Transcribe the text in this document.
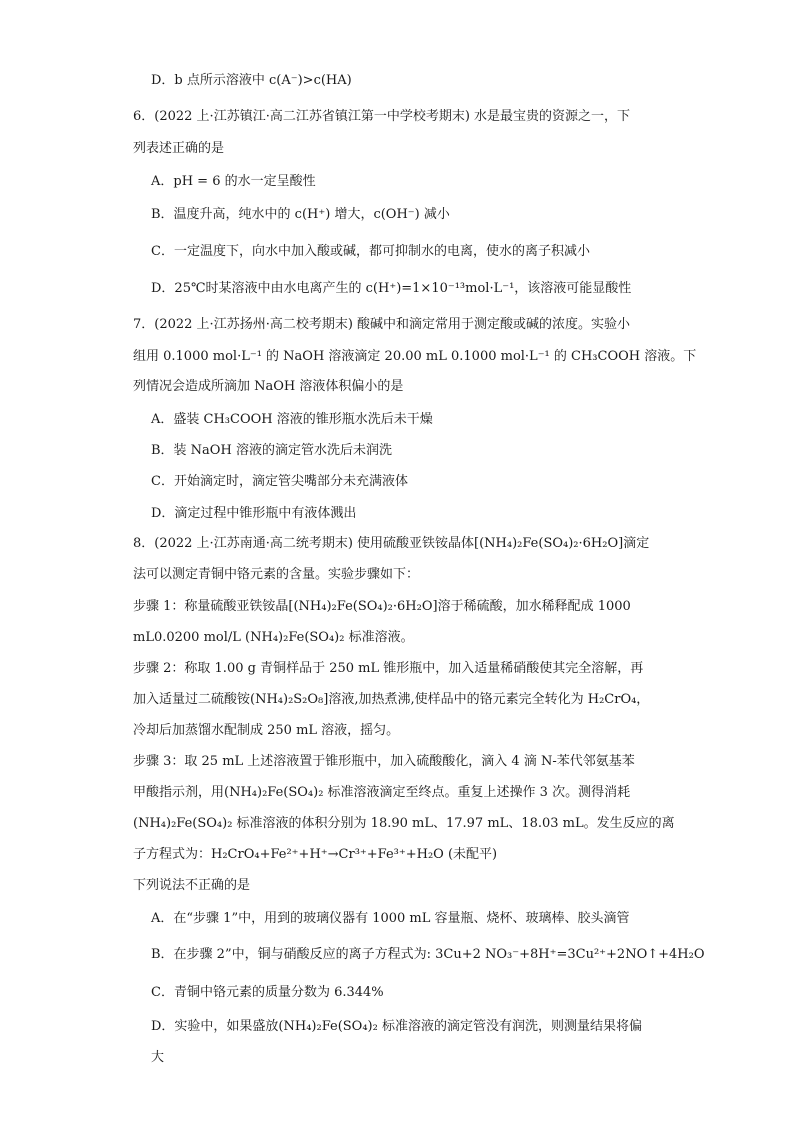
D．b 点所示溶液中 c(A⁻)>c(HA)
6．(2022 上·江苏镇江·高二江苏省镇江第一中学校考期末) 水是最宝贵的资源之一，下
列表述正确的是
A．pH = 6 的水一定呈酸性
B．温度升高，纯水中的 c(H⁺) 增大，c(OH⁻) 减小
C．一定温度下，向水中加入酸或碱，都可抑制水的电离，使水的离子积减小
D．25℃时某溶液中由水电离产生的 c(H⁺)=1×10⁻¹³mol·L⁻¹，该溶液可能显酸性
7．(2022 上·江苏扬州·高二校考期末) 酸碱中和滴定常用于测定酸或碱的浓度。实验小
组用 0.1000 mol·L⁻¹ 的 NaOH 溶液滴定 20.00 mL 0.1000 mol·L⁻¹ 的 CH₃COOH 溶液。下
列情况会造成所滴加 NaOH 溶液体积偏小的是
A．盛装 CH₃COOH 溶液的锥形瓶水洗后未干燥
B．装 NaOH 溶液的滴定管水洗后未润洗
C．开始滴定时，滴定管尖嘴部分未充满液体
D．滴定过程中锥形瓶中有液体溅出
8．(2022 上·江苏南通·高二统考期末) 使用硫酸亚铁铵晶体[(NH₄)₂Fe(SO₄)₂·6H₂O]滴定
法可以测定青铜中铬元素的含量。实验步骤如下：
步骤 1：称量硫酸亚铁铵晶[(NH₄)₂Fe(SO₄)₂·6H₂O]溶于稀硫酸，加水稀释配成 1000
mL0.0200 mol/L (NH₄)₂Fe(SO₄)₂ 标准溶液。
步骤 2：称取 1.00 g 青铜样品于 250 mL 锥形瓶中，加入适量稀硝酸使其完全溶解，再
加入适量过二硫酸铵(NH₄)₂S₂O₈]溶液,加热煮沸,使样品中的铬元素完全转化为 H₂CrO₄，
冷却后加蒸馏水配制成 250 mL 溶液，摇匀。
步骤 3：取 25 mL 上述溶液置于锥形瓶中，加入硫酸酸化，滴入 4 滴 N-苯代邻氨基苯
甲酸指示剂，用(NH₄)₂Fe(SO₄)₂ 标准溶液滴定至终点。重复上述操作 3 次。测得消耗
(NH₄)₂Fe(SO₄)₂ 标准溶液的体积分别为 18.90 mL、17.97 mL、18.03 mL。发生反应的离
子方程式为：H₂CrO₄+Fe²⁺+H⁺→Cr³⁺+Fe³⁺+H₂O (未配平)
下列说法不正确的是
A．在“步骤 1”中，用到的玻璃仪器有 1000 mL 容量瓶、烧杯、玻璃棒、胶头滴管
B．在步骤 2”中，铜与硝酸反应的离子方程式为: 3Cu+2 NO₃⁻+8H⁺=3Cu²⁺+2NO↑+4H₂O
C．青铜中铬元素的质量分数为 6.344%
D．实验中，如果盛放(NH₄)₂Fe(SO₄)₂ 标准溶液的滴定管没有润洗，则测量结果将偏
大
